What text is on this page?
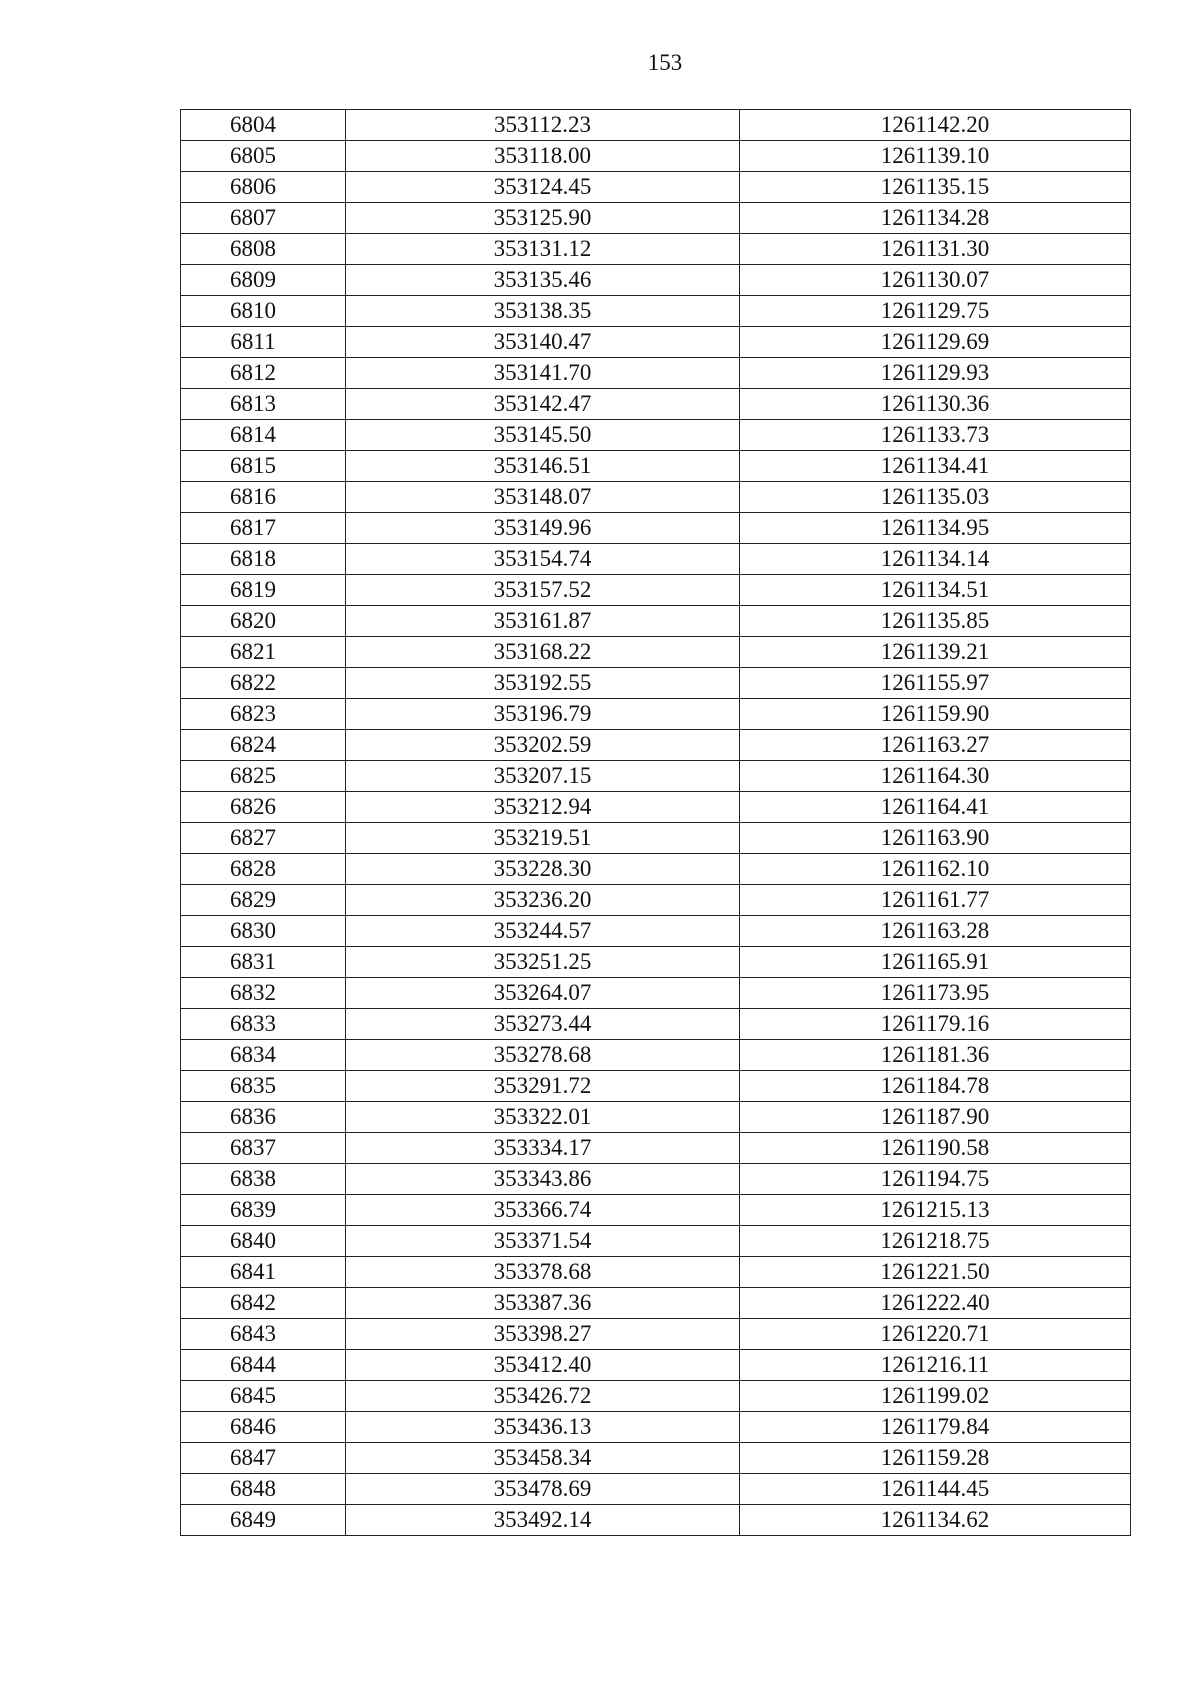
153
6804	353112.23	1261142.20
6805	353118.00	1261139.10
6806	353124.45	1261135.15
6807	353125.90	1261134.28
6808	353131.12	1261131.30
6809	353135.46	1261130.07
6810	353138.35	1261129.75
6811	353140.47	1261129.69
6812	353141.70	1261129.93
6813	353142.47	1261130.36
6814	353145.50	1261133.73
6815	353146.51	1261134.41
6816	353148.07	1261135.03
6817	353149.96	1261134.95
6818	353154.74	1261134.14
6819	353157.52	1261134.51
6820	353161.87	1261135.85
6821	353168.22	1261139.21
6822	353192.55	1261155.97
6823	353196.79	1261159.90
6824	353202.59	1261163.27
6825	353207.15	1261164.30
6826	353212.94	1261164.41
6827	353219.51	1261163.90
6828	353228.30	1261162.10
6829	353236.20	1261161.77
6830	353244.57	1261163.28
6831	353251.25	1261165.91
6832	353264.07	1261173.95
6833	353273.44	1261179.16
6834	353278.68	1261181.36
6835	353291.72	1261184.78
6836	353322.01	1261187.90
6837	353334.17	1261190.58
6838	353343.86	1261194.75
6839	353366.74	1261215.13
6840	353371.54	1261218.75
6841	353378.68	1261221.50
6842	353387.36	1261222.40
6843	353398.27	1261220.71
6844	353412.40	1261216.11
6845	353426.72	1261199.02
6846	353436.13	1261179.84
6847	353458.34	1261159.28
6848	353478.69	1261144.45
6849	353492.14	1261134.62
